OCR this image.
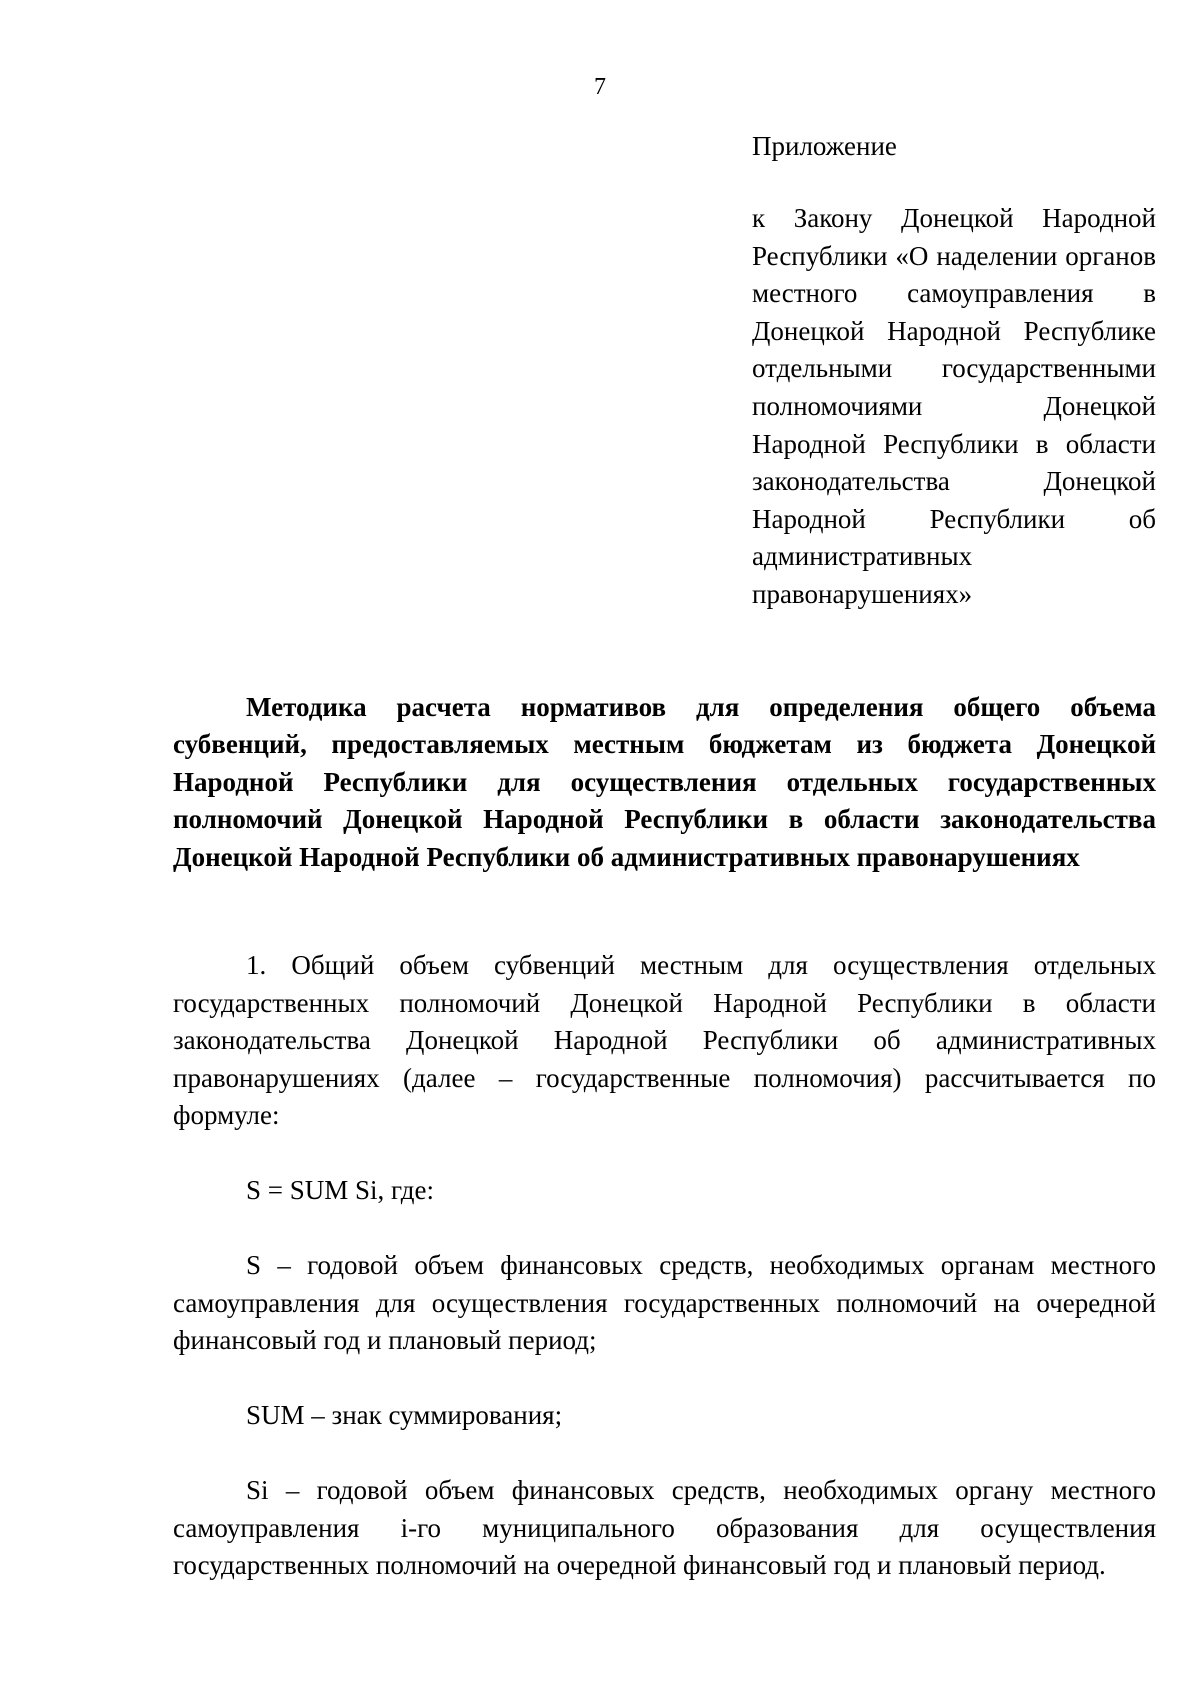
7
Приложение
к Закону Донецкой Народной Республики «О наделении органов местного самоуправления в Донецкой Народной Республике отдельными государственными полномочиями Донецкой Народной Республики в области законодательства Донецкой Народной Республики об административных правонарушениях»

Методика расчета нормативов для определения общего объема субвенций, предоставляемых местным бюджетам из бюджета Донецкой Народной Республики для осуществления отдельных государственных полномочий Донецкой Народной Республики в области законодательства Донецкой Народной Республики об административных правонарушениях

1. Общий объем субвенций местным для осуществления отдельных государственных полномочий Донецкой Народной Республики в области законодательства Донецкой Народной Республики об административных правонарушениях (далее – государственные полномочия) рассчитывается по формуле:

S = SUM Si, где:

S – годовой объем финансовых средств, необходимых органам местного самоуправления для осуществления государственных полномочий на очередной финансовый год и плановый период;

SUM – знак суммирования;

Si – годовой объем финансовых средств, необходимых органу местного самоуправления i-го муниципального образования для осуществления государственных полномочий на очередной финансовый год и плановый период.
